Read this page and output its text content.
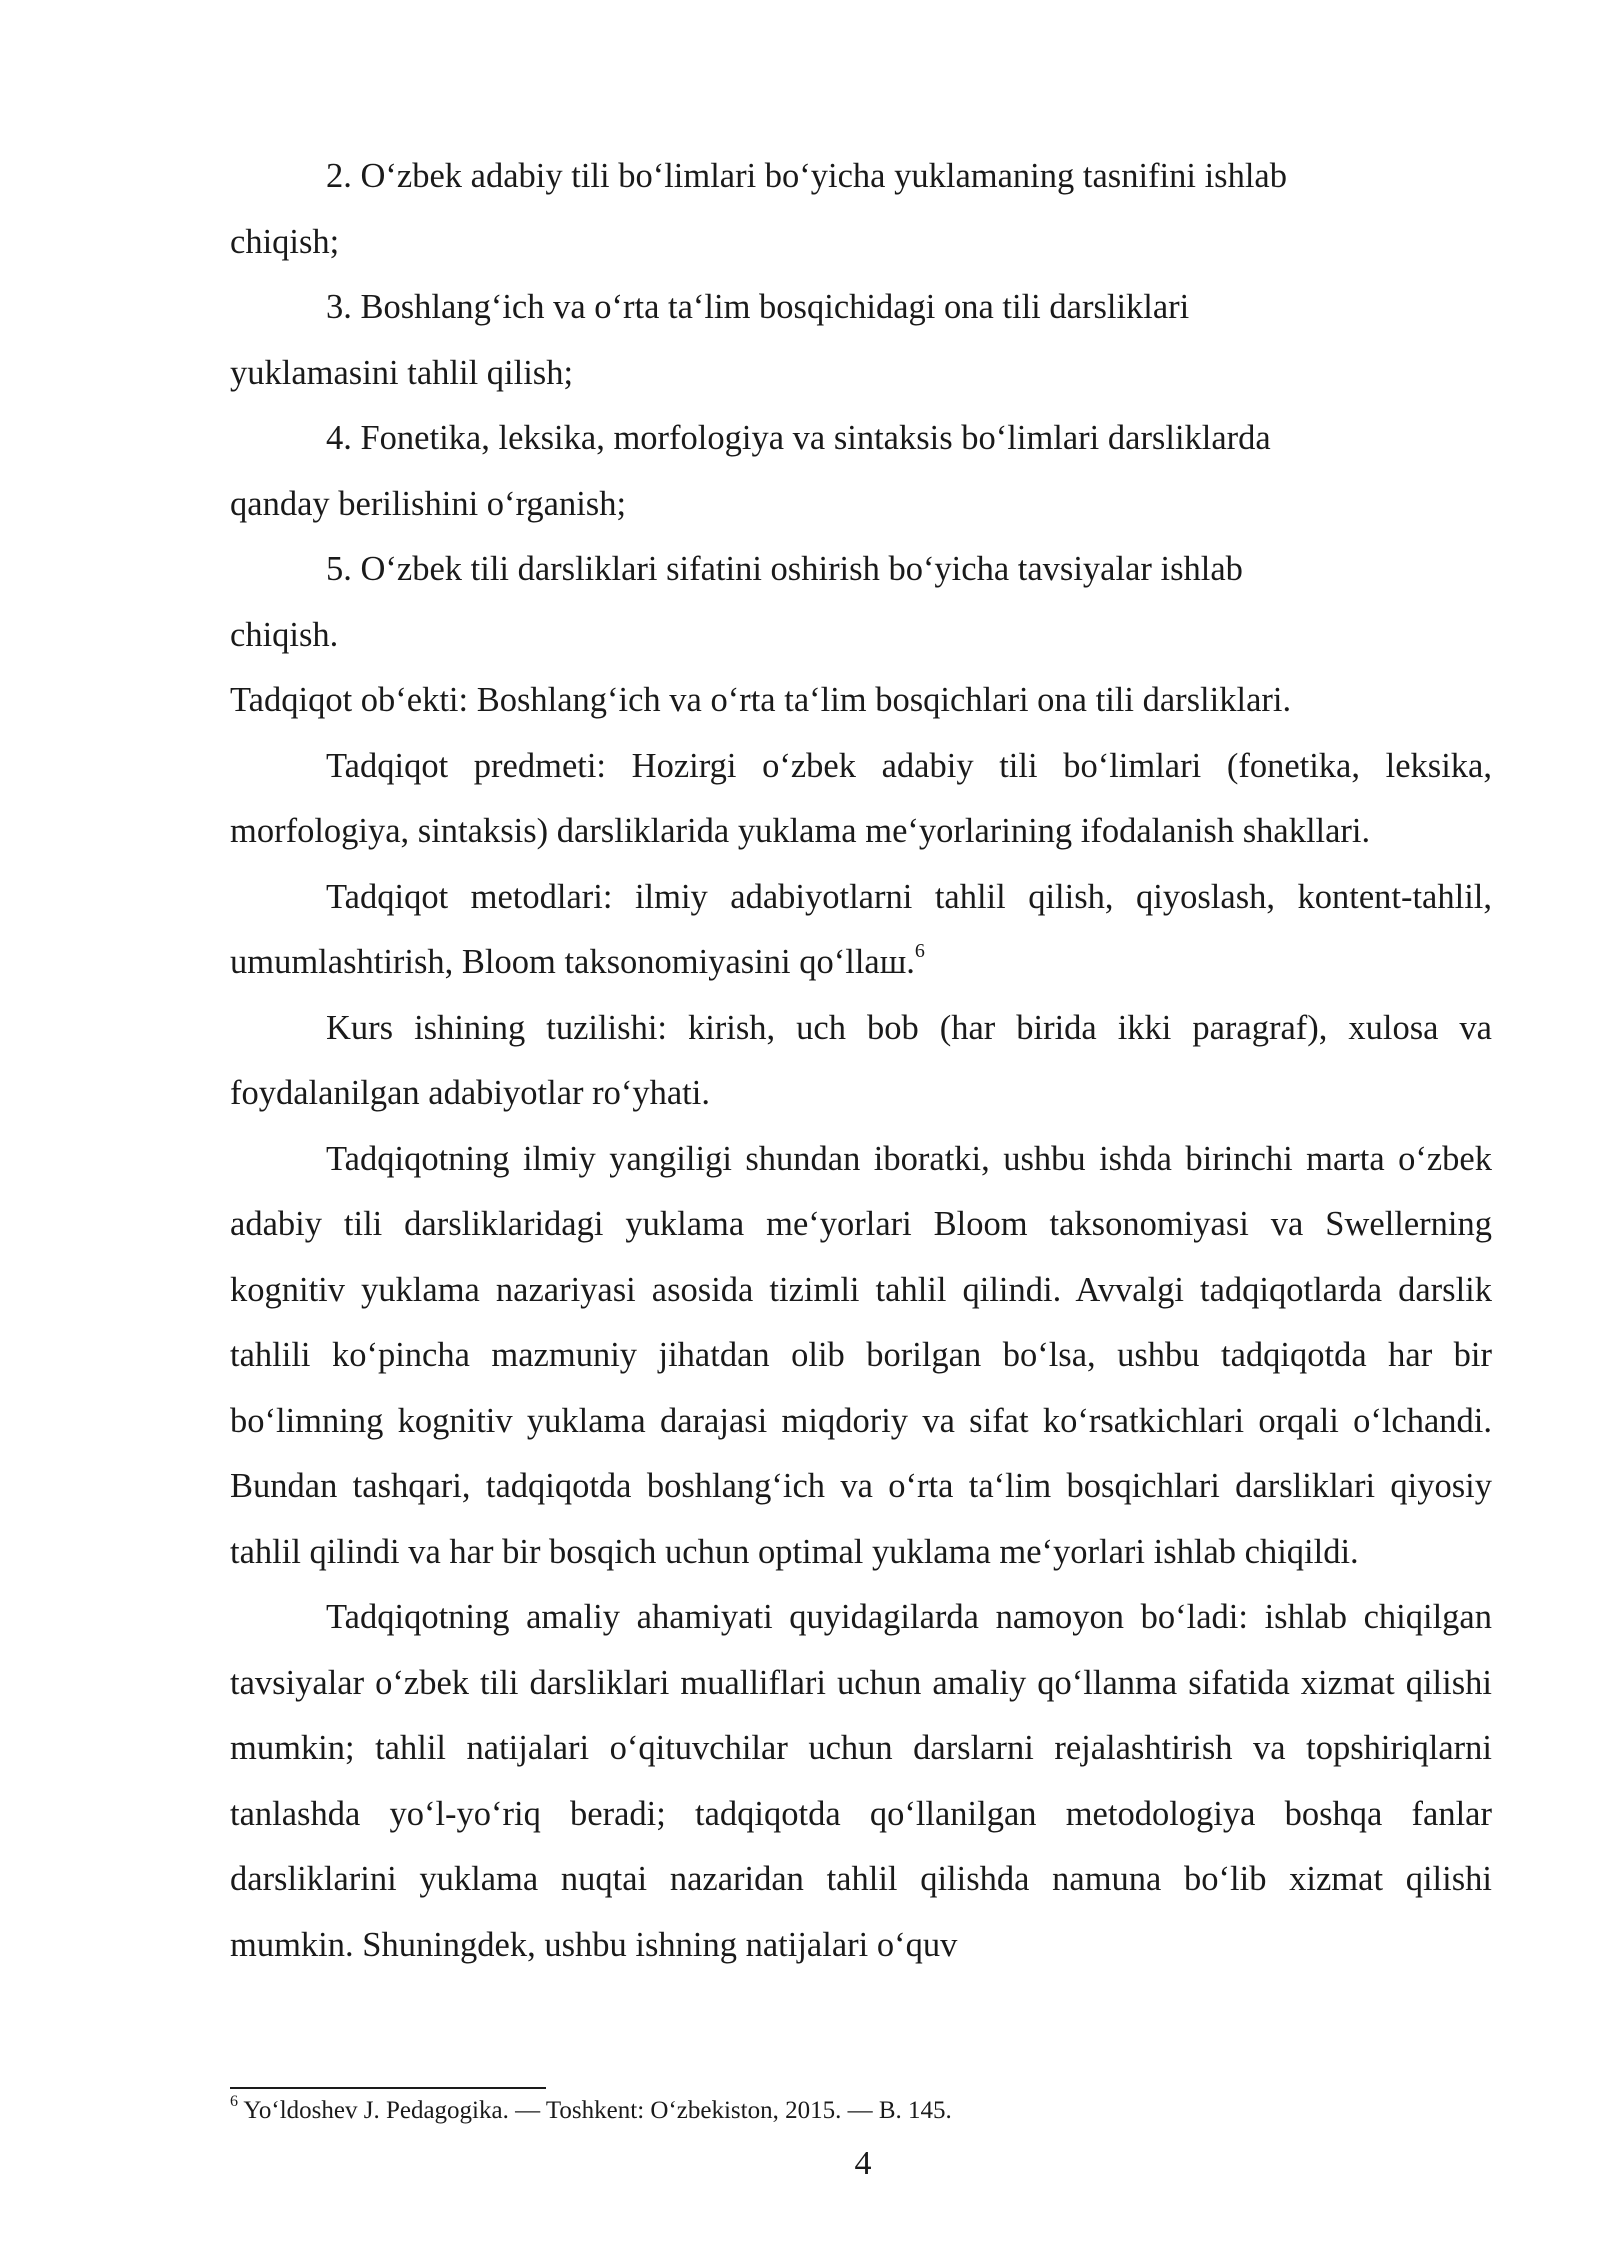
2. O‘zbek adabiy tili bo‘limlari bo‘yicha yuklamaning tasnifini ishlab

chiqish;

3. Boshlang‘ich va o‘rta ta‘lim bosqichidagi ona tili darsliklari

yuklamasini tahlil qilish;

4. Fonetika, leksika, morfologiya va sintaksis bo‘limlari darsliklarda

qanday berilishini o‘rganish;

5. O‘zbek tili darsliklari sifatini oshirish bo‘yicha tavsiyalar ishlab

chiqish.

Tadqiqot ob‘ekti: Boshlang‘ich va o‘rta ta‘lim bosqichlari ona tili darsliklari.

Tadqiqot predmeti: Hozirgi o‘zbek adabiy tili bo‘limlari (fonetika, leksika, morfologiya, sintaksis) darsliklarida yuklama me‘yorlarining ifodalanish shakllari.

Tadqiqot metodlari: ilmiy adabiyotlarni tahlil qilish, qiyoslash, kontent-tahlil, umumlashtirish, Bloom taksonomiyasini qo‘llaш.$^6$

Kurs ishining tuzilishi: kirish, uch bob (har birida ikki paragraf), xulosa va foydalanilgan adabiyotlar ro‘yhati.

Tadqiqotning ilmiy yangiligi shundan iboratki, ushbu ishda birinchi marta o‘zbek adabiy tili darsliklaridagi yuklama me‘yorlari Bloom taksonomiyasi va Swellerning kognitiv yuklama nazariyasi asosida tizimli tahlil qilindi. Avvalgi tadqiqotlarda darslik tahlili ko‘pincha mazmuniy jihatdan olib borilgan bo‘lsa, ushbu tadqiqotda har bir bo‘limning kognitiv yuklama darajasi miqdoriy va sifat ko‘rsatkichlari orqali o‘lchandi. Bundan tashqari, tadqiqotda boshlang‘ich va o‘rta ta‘lim bosqichlari darsliklari qiyosiy tahlil qilindi va har bir bosqich uchun optimal yuklama me‘yorlari ishlab chiqildi.

Tadqiqotning amaliy ahamiyati quyidagilarda namoyon bo‘ladi: ishlab chiqilgan tavsiyalar o‘zbek tili darsliklari mualliflari uchun amaliy qo‘llanma sifatida xizmat qilishi mumkin; tahlil natijalari o‘qituvchilar uchun darslarni rejalashtirish va topshiriqlarni tanlashda yo‘l-yo‘riq beradi; tadqiqotda qo‘llanilgan metodologiya boshqa fanlar darsliklarini yuklama nuqtai nazaridan tahlil qilishda namuna bo‘lib xizmat qilishi mumkin. Shuningdek, ushbu ishning natijalari o‘quv

$^6$ Yo‘ldoshev J. Pedagogika. — Toshkent: O‘zbekiston, 2015. — B. 145.
4
